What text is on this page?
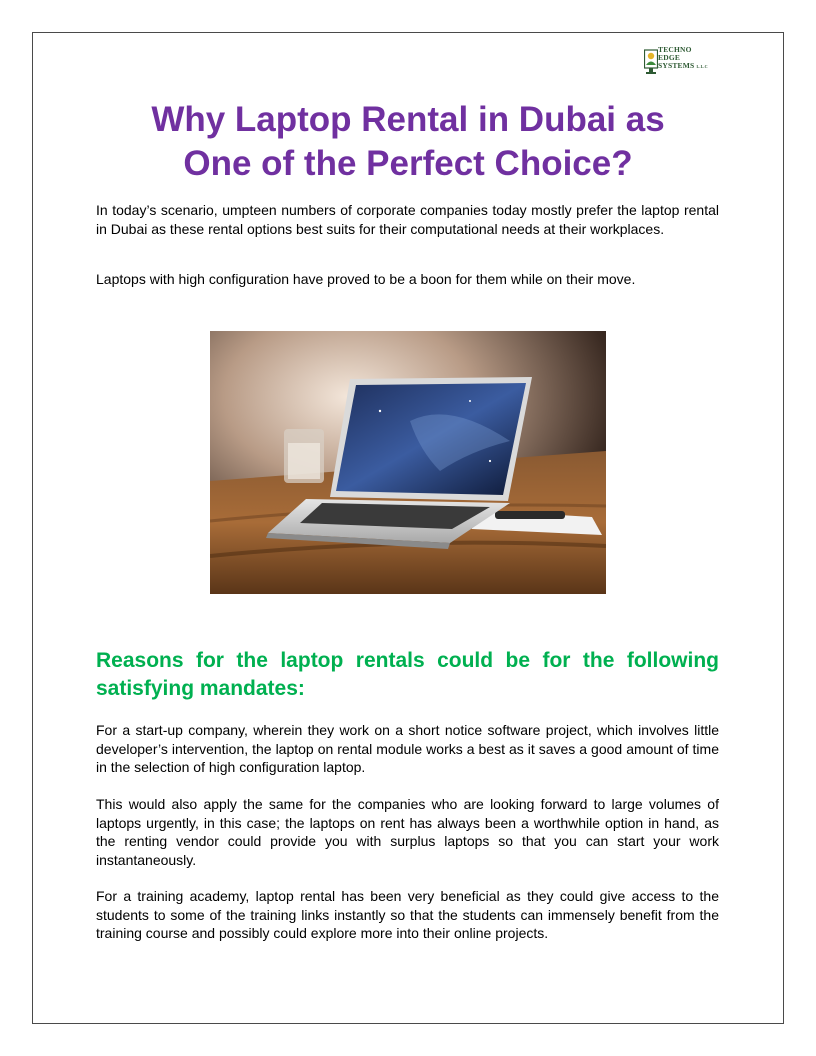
TECHNO
EDGE
SYSTEMS L.L.C
Why Laptop Rental in Dubai as
One of the Perfect Choice?

In today’s scenario, umpteen numbers of corporate companies today mostly prefer the laptop rental in Dubai as these rental options best suits for their computational needs at their workplaces.

Laptops with high configuration have proved to be a boon for them while on their move.

Reasons for the laptop rentals could be for the following satisfying mandates:

For a start-up company, wherein they work on a short notice software project, which involves little developer’s intervention, the laptop on rental module works a best as it saves a good amount of time in the selection of high configuration laptop.

This would also apply the same for the companies who are looking forward to large volumes of laptops urgently, in this case; the laptops on rent has always been a worthwhile option in hand, as the renting vendor could provide you with surplus laptops so that you can start your work instantaneously.

For a training academy, laptop rental has been very beneficial as they could give access to the students to some of the training links instantly so that the students can immensely benefit from the training course and possibly could explore more into their online projects.
